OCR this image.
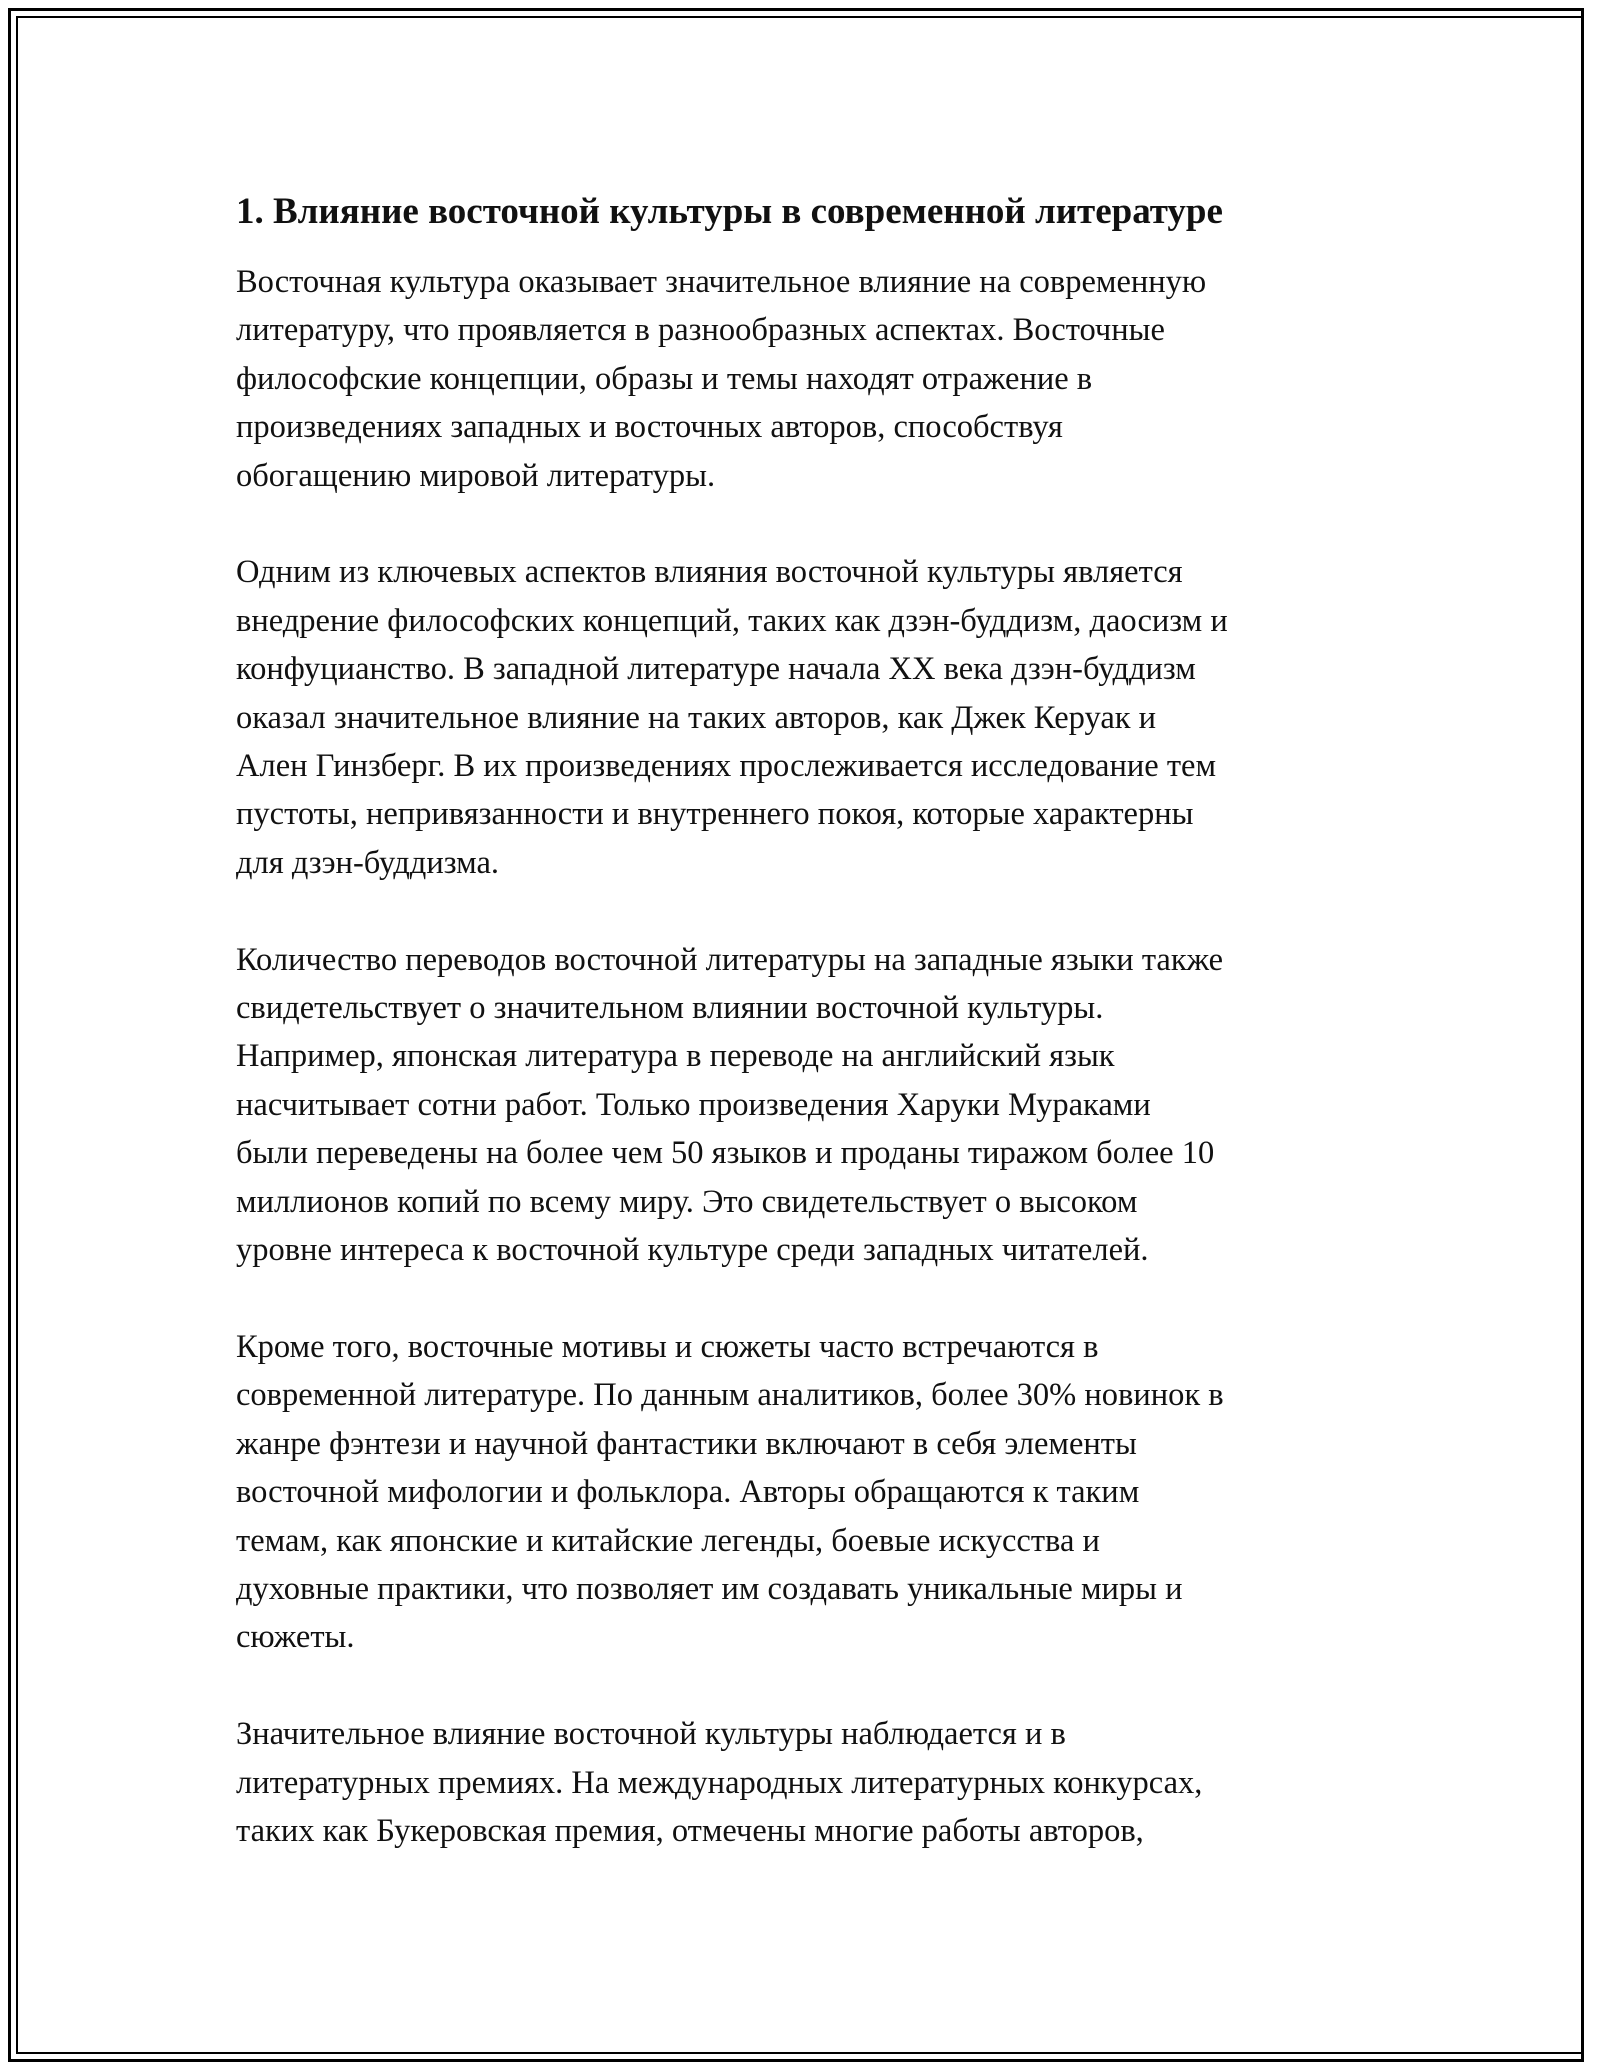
1. Влияние восточной культуры в современной литературе

Восточная культура оказывает значительное влияние на современную
литературу, что проявляется в разнообразных аспектах. Восточные
философские концепции, образы и темы находят отражение в
произведениях западных и восточных авторов, способствуя
обогащению мировой литературы.

Одним из ключевых аспектов влияния восточной культуры является
внедрение философских концепций, таких как дзэн-буддизм, даосизм и
конфуцианство. В западной литературе начала XX века дзэн-буддизм
оказал значительное влияние на таких авторов, как Джек Керуак и
Ален Гинзберг. В их произведениях прослеживается исследование тем
пустоты, непривязанности и внутреннего покоя, которые характерны
для дзэн-буддизма.

Количество переводов восточной литературы на западные языки также
свидетельствует о значительном влиянии восточной культуры.
Например, японская литература в переводе на английский язык
насчитывает сотни работ. Только произведения Харуки Мураками
были переведены на более чем 50 языков и проданы тиражом более 10
миллионов копий по всему миру. Это свидетельствует о высоком
уровне интереса к восточной культуре среди западных читателей.

Кроме того, восточные мотивы и сюжеты часто встречаются в
современной литературе. По данным аналитиков, более 30% новинок в
жанре фэнтези и научной фантастики включают в себя элементы
восточной мифологии и фольклора. Авторы обращаются к таким
темам, как японские и китайские легенды, боевые искусства и
духовные практики, что позволяет им создавать уникальные миры и
сюжеты.

Значительное влияние восточной культуры наблюдается и в
литературных премиях. На международных литературных конкурсах,
таких как Букеровская премия, отмечены многие работы авторов,
